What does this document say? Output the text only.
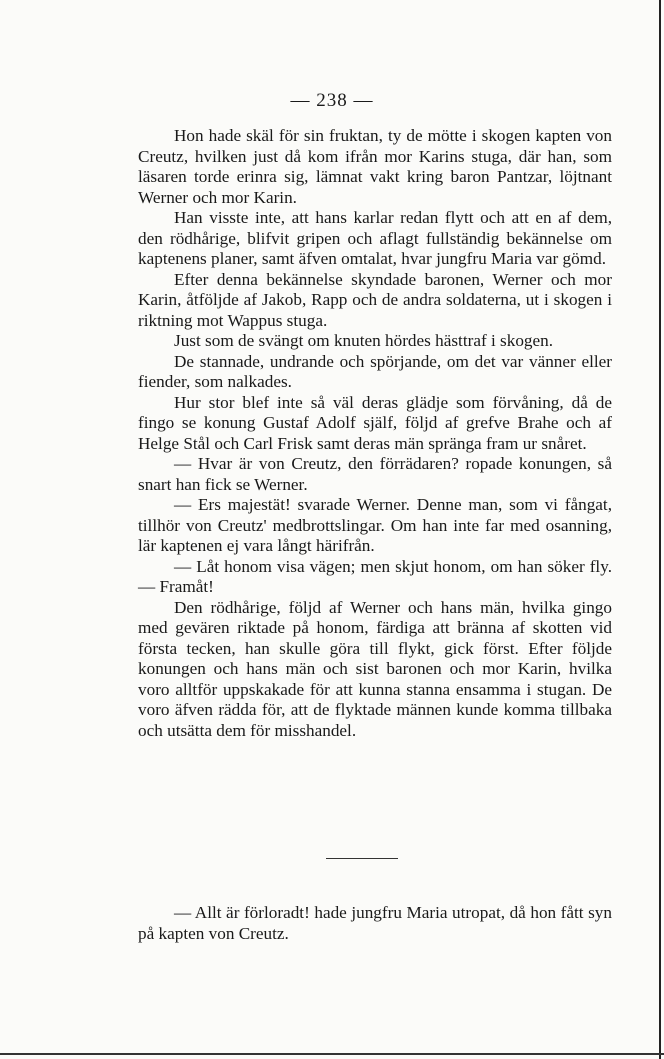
— 238 —

Hon hade skäl för sin fruktan, ty de mötte i skogen kapten von Creutz, hvilken just då kom ifrån mor Karins stuga, där han, som läsaren torde erinra sig, lämnat vakt kring baron Pantzar, löjtnant Werner och mor Karin.

Han visste inte, att hans karlar redan flytt och att en af dem, den rödhårige, blifvit gripen och aflagt fullständig bekännelse om kaptenens planer, samt äfven omtalat, hvar jungfru Maria var gömd.

Efter denna bekännelse skyndade baronen, Werner och mor Karin, åtföljde af Jakob, Rapp och de andra soldaterna, ut i skogen i riktning mot Wappus stuga.

Just som de svängt om knuten hördes hästtraf i skogen.

De stannade, undrande och spörjande, om det var vänner eller fiender, som nalkades.

Hur stor blef inte så väl deras glädje som förvåning, då de fingo se konung Gustaf Adolf själf, följd af grefve Brahe och af Helge Stål och Carl Frisk samt deras män spränga fram ur snåret.

— Hvar är von Creutz, den förrädaren? ropade konungen, så snart han fick se Werner.

— Ers majestät! svarade Werner. Denne man, som vi fångat, tillhör von Creutz' medbrottslingar. Om han inte far med osanning, lär kaptenen ej vara långt härifrån.

— Låt honom visa vägen; men skjut honom, om han söker fly. — Framåt!

Den rödhårige, följd af Werner och hans män, hvilka gingo med gevären riktade på honom, färdiga att bränna af skotten vid första tecken, han skulle göra till flykt, gick först. Efter följde konungen och hans män och sist baronen och mor Karin, hvilka voro alltför uppskakade för att kunna stanna ensamma i stugan. De voro äfven rädda för, att de flyktade männen kunde komma tillbaka och utsätta dem för misshandel.

— Allt är förloradt! hade jungfru Maria utropat, då hon fått syn på kapten von Creutz.
